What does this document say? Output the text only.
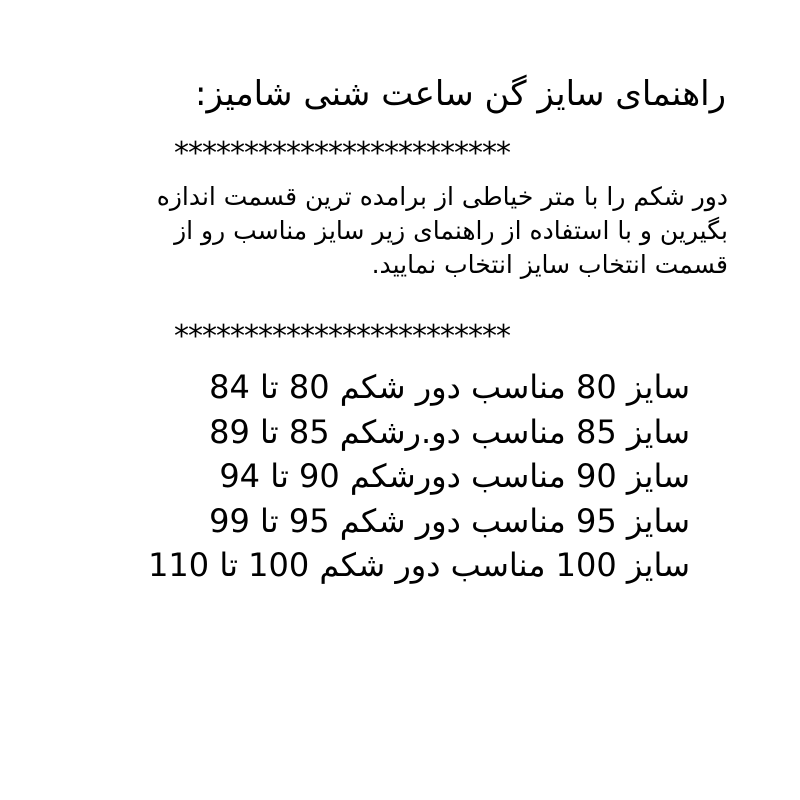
راهنمای سایز گن ساعت شنی شامیز:
************************
دور شکم را با متر خیاطی از برامده ترین قسمت اندازه
بگیرین و با استفاده از راهنمای زیر سایز مناسب رو از
قسمت انتخاب سایز انتخاب نمایید.
************************
سایز 80 مناسب دور شکم 80 تا 84
سایز 85 مناسب دو.رشکم 85 تا 89
سایز 90 مناسب دورشکم 90 تا 94
سایز 95 مناسب دور شکم 95 تا 99
سایز 100 مناسب دور شکم 100 تا 110
